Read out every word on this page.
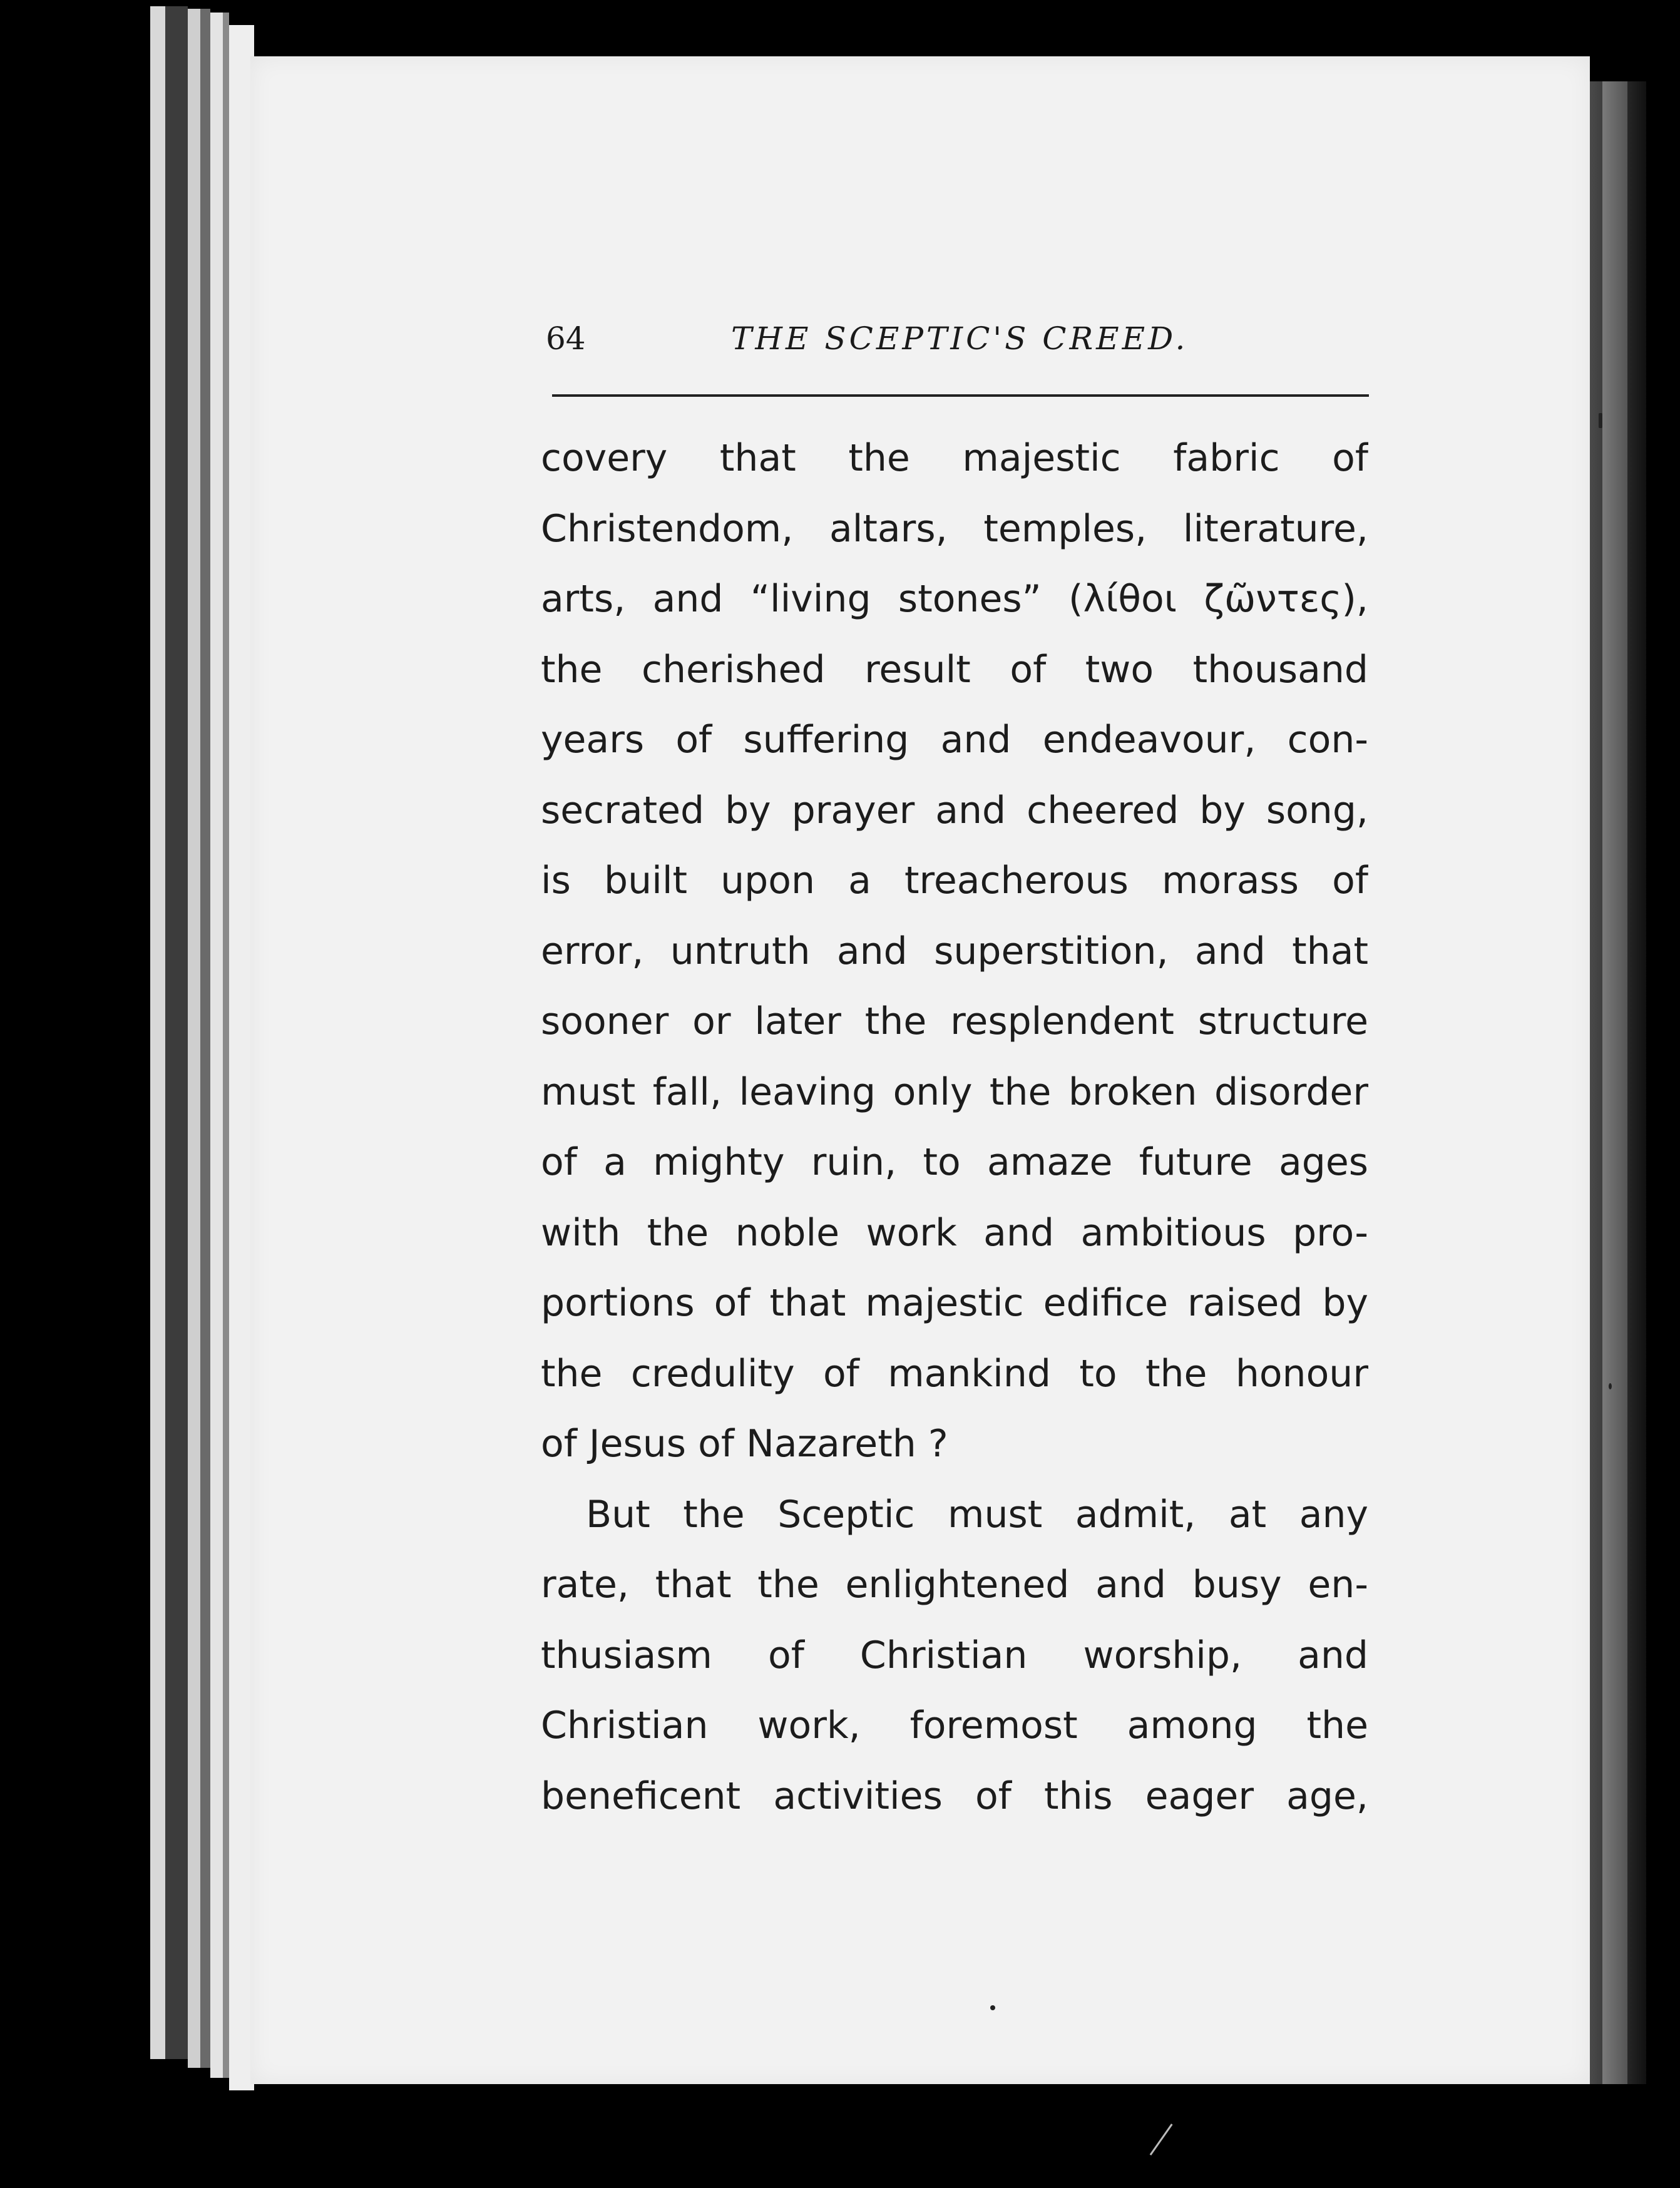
64	THE SCEPTIC'S CREED.
covery that the majestic fabric of
Christendom, altars, temples, literature,
arts, and “living stones” (λίθοι ζῶντες),
the cherished result of two thousand
years of suffering and endeavour, con-
secrated by prayer and cheered by song,
is built upon a treacherous morass of
error, untruth and superstition, and that
sooner or later the resplendent structure
must fall, leaving only the broken disorder
of a mighty ruin, to amaze future ages
with the noble work and ambitious pro-
portions of that majestic edifice raised by
the credulity of mankind to the honour
of Jesus of Nazareth ?
But the Sceptic must admit, at any
rate, that the enlightened and busy en-
thusiasm of Christian worship, and
Christian work, foremost among the
beneficent activities of this eager age,
